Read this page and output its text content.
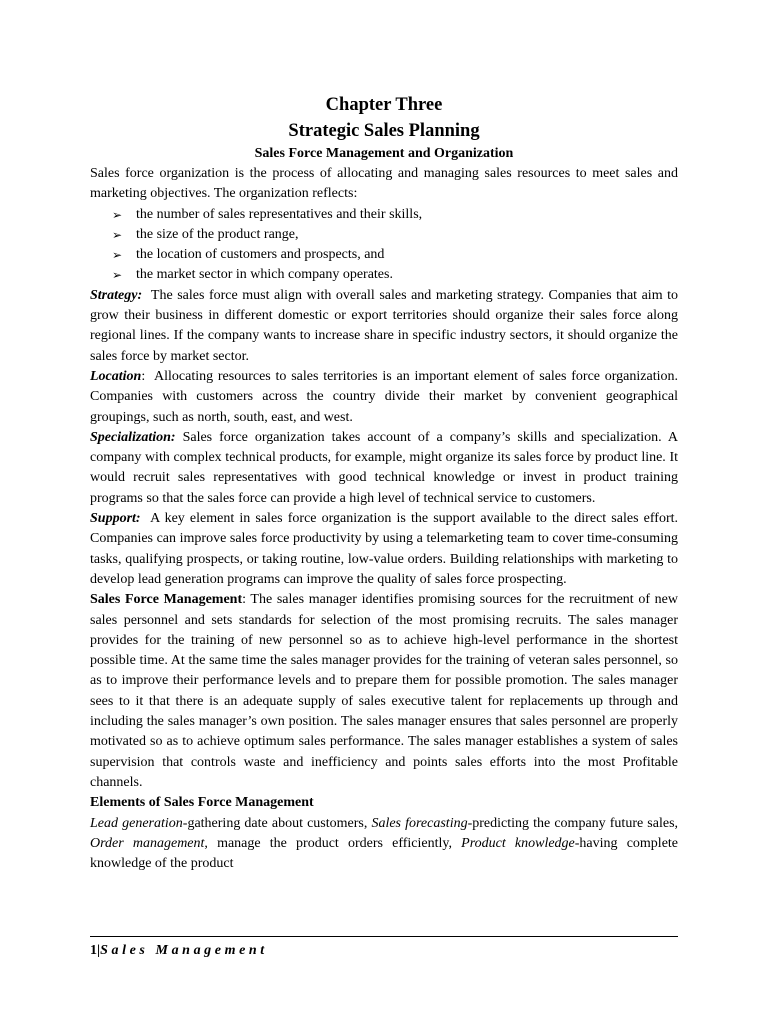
Chapter Three
Strategic Sales Planning
Sales Force Management and Organization

Sales force organization is the process of allocating and managing sales resources to meet sales and marketing objectives. The organization reflects:

➢ the number of sales representatives and their skills,
➢ the size of the product range,
➢ the location of customers and prospects, and
➢ the market sector in which company operates.

Strategy:  The sales force must align with overall sales and marketing strategy. Companies that aim to grow their business in different domestic or export territories should organize their sales force along regional lines. If the company wants to increase share in specific industry sectors, it should organize the sales force by market sector.

Location:  Allocating resources to sales territories is an important element of sales force organization. Companies with customers across the country divide their market by convenient geographical groupings, such as north, south, east, and west.

Specialization: Sales force organization takes account of a company’s skills and specialization. A company with complex technical products, for example, might organize its sales force by product line. It would recruit sales representatives with good technical knowledge or invest in product training programs so that the sales force can provide a high level of technical service to customers.

Support:  A key element in sales force organization is the support available to the direct sales effort. Companies can improve sales force productivity by using a telemarketing team to cover time-consuming tasks, qualifying prospects, or taking routine, low-value orders. Building relationships with marketing to develop lead generation programs can improve the quality of sales force prospecting.

Sales Force Management: The sales manager identifies promising sources for the recruitment of new sales personnel and sets standards for selection of the most promising recruits. The sales manager provides for the training of new personnel so as to achieve high-level performance in the shortest possible time. At the same time the sales manager provides for the training of veteran sales personnel, so as to improve their performance levels and to prepare them for possible promotion. The sales manager sees to it that there is an adequate supply of sales executive talent for replacements up through and including the sales manager’s own position. The sales manager ensures that sales personnel are properly motivated so as to achieve optimum sales performance. The sales manager establishes a system of sales supervision that controls waste and inefficiency and points sales efforts into the most Profitable channels.

Elements of Sales Force Management

Lead generation-gathering date about customers, Sales forecasting-predicting the company future sales, Order management, manage the product orders efficiently, Product knowledge-having complete knowledge of the product

1|Sales Management
